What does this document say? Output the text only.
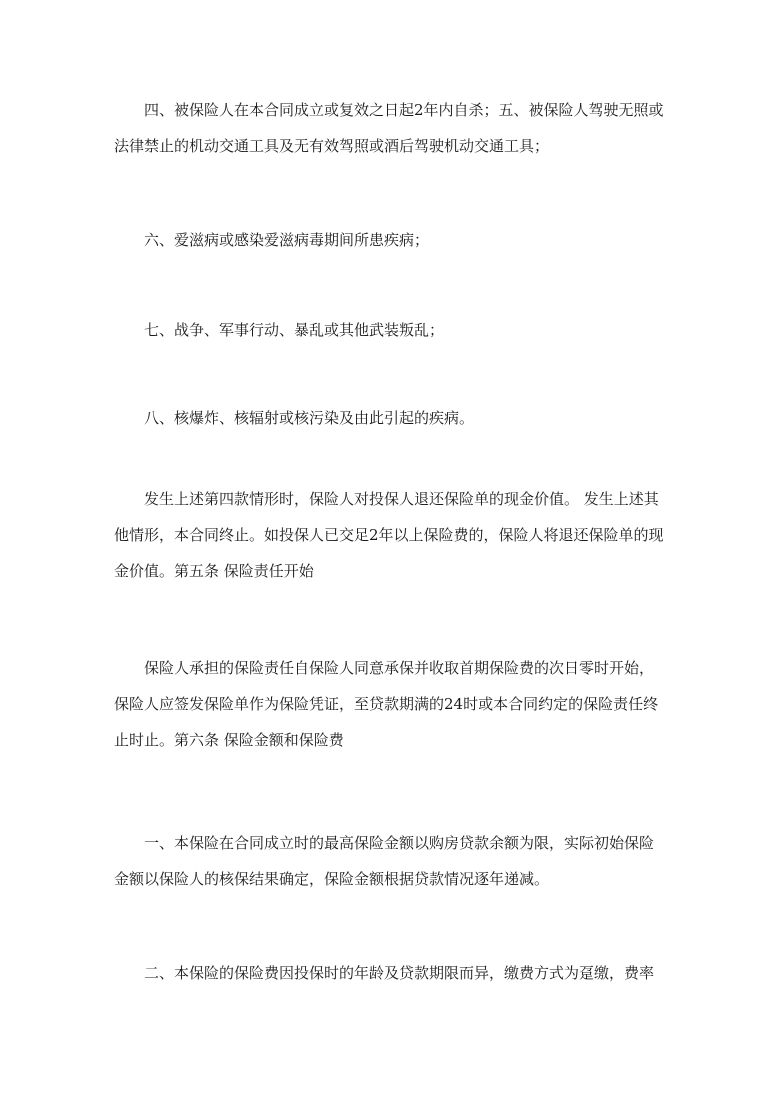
四、被保险人在本合同成立或复效之日起2年内自杀；五、被保险人驾驶无照或
法律禁止的机动交通工具及无有效驾照或酒后驾驶机动交通工具；

六、爱滋病或感染爱滋病毒期间所患疾病；

七、战争、军事行动、暴乱或其他武装叛乱；

八、核爆炸、核辐射或核污染及由此引起的疾病。

发生上述第四款情形时，保险人对投保人退还保险单的现金价值。 发生上述其
他情形，本合同终止。如投保人已交足2年以上保险费的，保险人将退还保险单的现
金价值。第五条 保险责任开始

保险人承担的保险责任自保险人同意承保并收取首期保险费的次日零时开始，
保险人应签发保险单作为保险凭证，至贷款期满的24时或本合同约定的保险责任终
止时止。第六条 保险金额和保险费

一、本保险在合同成立时的最高保险金额以购房贷款余额为限，实际初始保险
金额以保险人的核保结果确定，保险金额根据贷款情况逐年递减。

二、本保险的保险费因投保时的年龄及贷款期限而异，缴费方式为趸缴，费率
